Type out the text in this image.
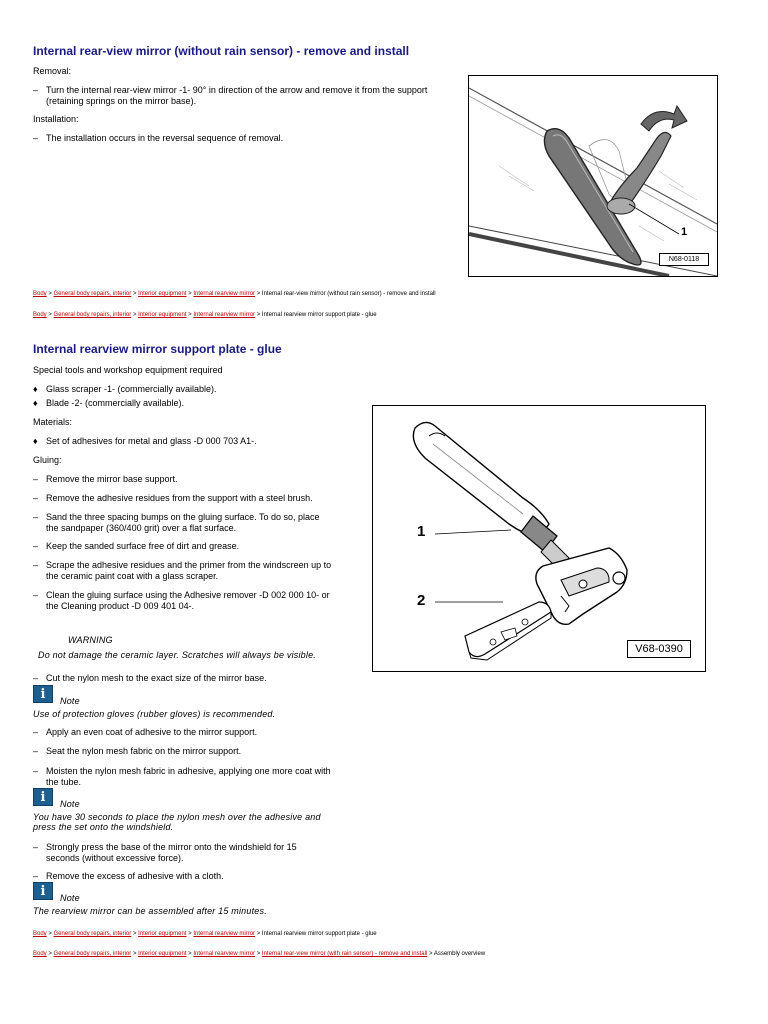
Internal rear-view mirror (without rain sensor) - remove and install
Removal:
– Turn the internal rear-view mirror -1- 90° in direction of the arrow and remove it from the support
(retaining springs on the mirror base).
Installation:
– The installation occurs in the reversal sequence of removal.
1
N68-0118
Body > General body repairs, interior > Interior equipment > Internal rearview mirror > Internal rear-view mirror (without rain sensor) - remove and install
Body > General body repairs, interior > Interior equipment > Internal rearview mirror > Internal rearview mirror support plate - glue
Internal rearview mirror support plate - glue
Special tools and workshop equipment required
♦ Glass scraper -1- (commercially available).
♦ Blade -2- (commercially available).
Materials:
♦ Set of adhesives for metal and glass -D 000 703 A1-.
Gluing:
– Remove the mirror base support.
– Remove the adhesive residues from the support with a steel brush.
– Sand the three spacing bumps on the gluing surface. To do so, place
the sandpaper (360/400 grit) over a flat surface.
– Keep the sanded surface free of dirt and grease.
– Scrape the adhesive residues and the primer from the windscreen up to
the ceramic paint coat with a glass scraper.
– Clean the gluing surface using the Adhesive remover -D 002 000 10- or
the Cleaning product -D 009 401 04-.
WARNING
Do not damage the ceramic layer. Scratches will always be visible.
– Cut the nylon mesh to the exact size of the mirror base.
i	Note
Use of protection gloves (rubber gloves) is recommended.
– Apply an even coat of adhesive to the mirror support.
– Seat the nylon mesh fabric on the mirror support.
– Moisten the nylon mesh fabric in adhesive, applying one more coat with
the tube.
i	Note
You have 30 seconds to place the nylon mesh over the adhesive and
press the set onto the windshield.
– Strongly press the base of the mirror onto the windshield for 15
seconds (without excessive force).
– Remove the excess of adhesive with a cloth.
i	Note
The rearview mirror can be assembled after 15 minutes.
1
2
V68-0390
Body > General body repairs, interior > Interior equipment > Internal rearview mirror > Internal rearview mirror support plate - glue
Body > General body repairs, interior > Interior equipment > Internal rearview mirror > Internal rear-view mirror (with rain sensor) - remove and install > Assembly overview
